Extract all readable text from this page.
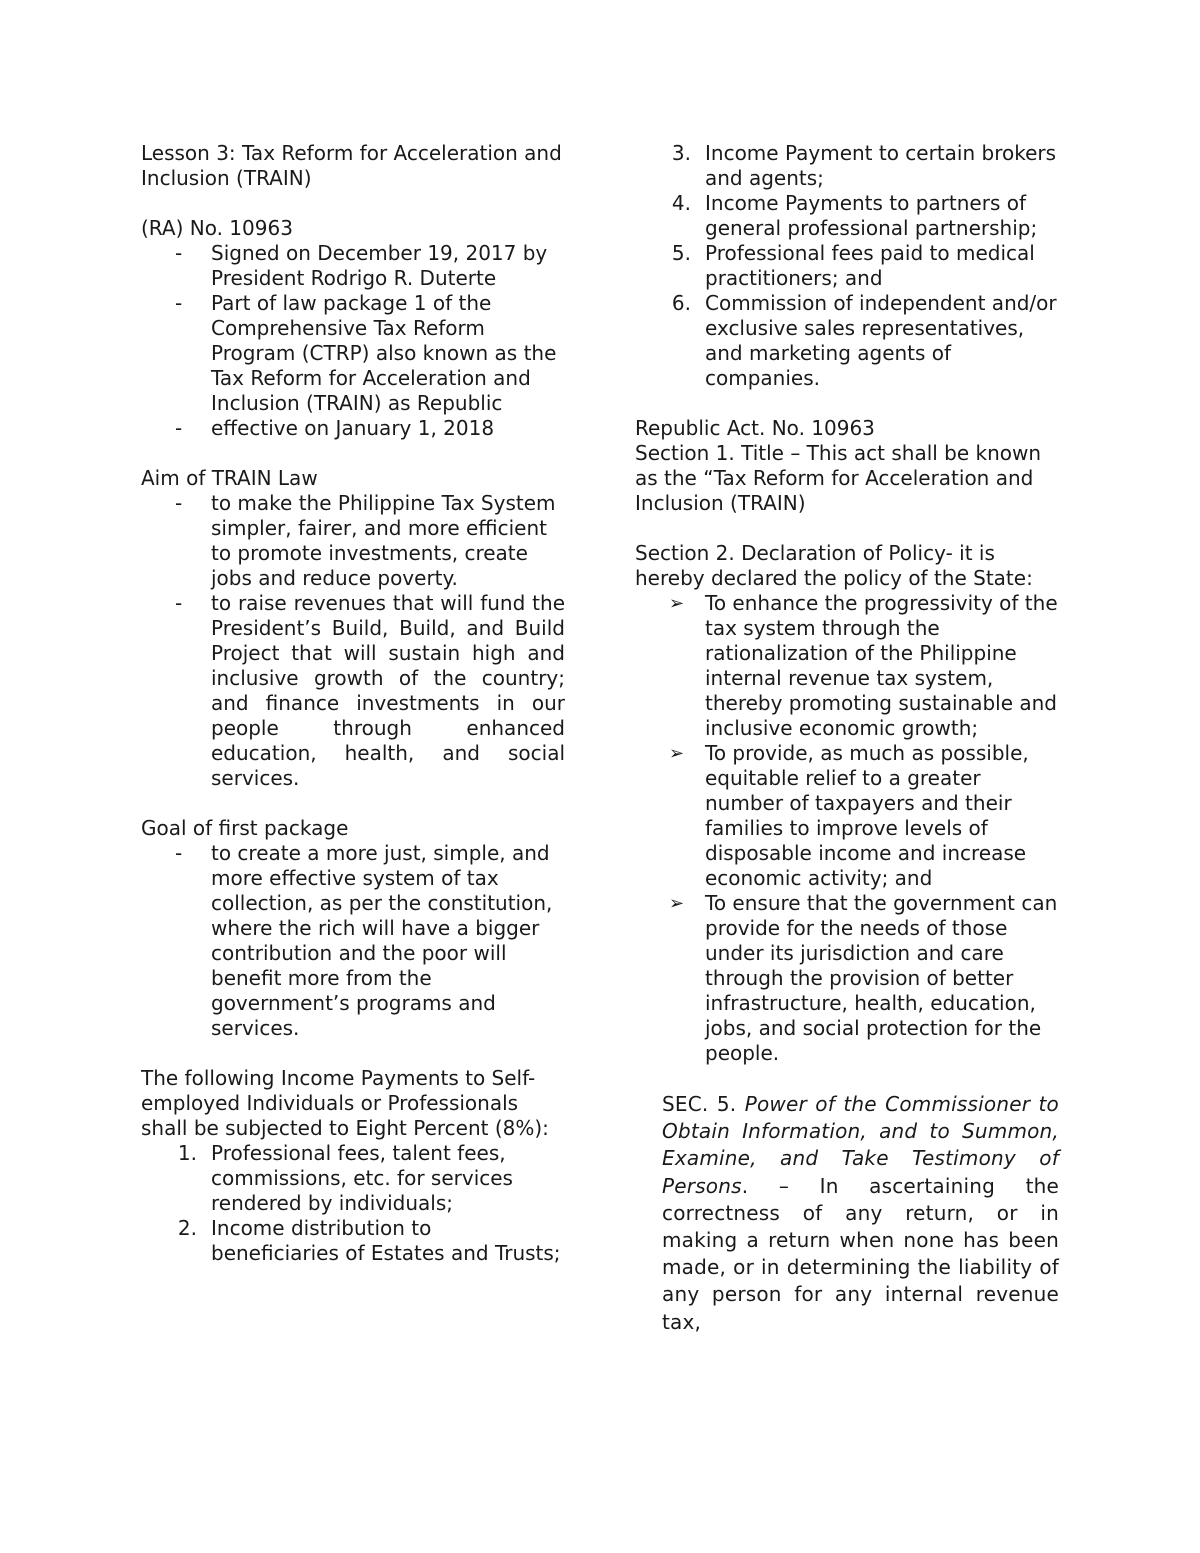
Lesson 3: Tax Reform for Acceleration and Inclusion (TRAIN)

(RA) No. 10963

- Signed on December 19, 2017 by President Rodrigo R. Duterte
- Part of law package 1 of the Comprehensive Tax Reform Program (CTRP) also known as the Tax Reform for Acceleration and Inclusion (TRAIN) as Republic
- effective on January 1, 2018

Aim of TRAIN Law

- to make the Philippine Tax System simpler, fairer, and more efficient to promote investments, create jobs and reduce poverty.
- to raise revenues that will fund the President’s Build, Build, and Build Project that will sustain high and inclusive growth of the country; and finance investments in our people through enhanced education, health, and social services.

Goal of first package

- to create a more just, simple, and more effective system of tax collection, as per the constitution, where the rich will have a bigger contribution and the poor will benefit more from the government’s programs and services.

The following Income Payments to Self-employed Individuals or Professionals shall be subjected to Eight Percent (8%):

1. Professional fees, talent fees, commissions, etc. for services rendered by individuals;
2. Income distribution to beneficiaries of Estates and Trusts;
3. Income Payment to certain brokers and agents;
4. Income Payments to partners of general professional partnership;
5. Professional fees paid to medical practitioners; and
6. Commission of independent and/or exclusive sales representatives, and marketing agents of companies.

Republic Act. No. 10963

Section 1. Title – This act shall be known as the “Tax Reform for Acceleration and Inclusion (TRAIN)

Section 2. Declaration of Policy- it is hereby declared the policy of the State:

➢ To enhance the progressivity of the tax system through the rationalization of the Philippine internal revenue tax system, thereby promoting sustainable and inclusive economic growth;
➢ To provide, as much as possible, equitable relief to a greater number of taxpayers and their families to improve levels of disposable income and increase economic activity; and
➢ To ensure that the government can provide for the needs of those under its jurisdiction and care through the provision of better infrastructure, health, education, jobs, and social protection for the people.

SEC. 5. Power of the Commissioner to Obtain Information, and to Summon, Examine, and Take Testimony of Persons. – In ascertaining the correctness of any return, or in making a return when none has been made, or in determining the liability of any person for any internal revenue tax,
